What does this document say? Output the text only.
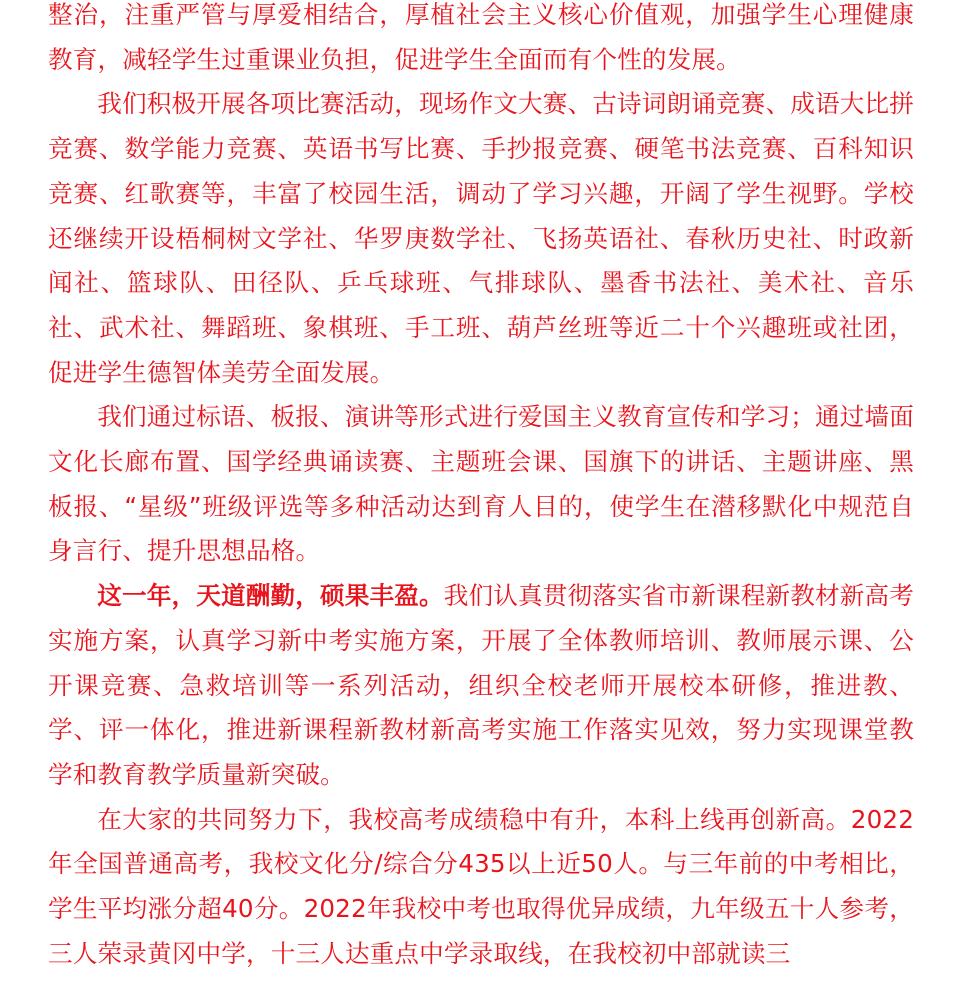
整治，注重严管与厚爱相结合，厚植社会主义核心价值观，加强学生心理健康教育，减轻学生过重课业负担，促进学生全面而有个性的发展。

我们积极开展各项比赛活动，现场作文大赛、古诗词朗诵竞赛、成语大比拼竞赛、数学能力竞赛、英语书写比赛、手抄报竞赛、硬笔书法竞赛、百科知识竞赛、红歌赛等，丰富了校园生活，调动了学习兴趣，开阔了学生视野。学校还继续开设梧桐树文学社、华罗庚数学社、飞扬英语社、春秋历史社、时政新闻社、篮球队、田径队、乒乓球班、气排球队、墨香书法社、美术社、音乐社、武术社、舞蹈班、象棋班、手工班、葫芦丝班等近二十个兴趣班或社团，促进学生德智体美劳全面发展。

我们通过标语、板报、演讲等形式进行爱国主义教育宣传和学习；通过墙面文化长廊布置、国学经典诵读赛、主题班会课、国旗下的讲话、主题讲座、黑板报、“星级”班级评选等多种活动达到育人目的，使学生在潜移默化中规范自身言行、提升思想品格。

这一年，天道酬勤，硕果丰盈。我们认真贯彻落实省市新课程新教材新高考实施方案，认真学习新中考实施方案，开展了全体教师培训、教师展示课、公开课竞赛、急救培训等一系列活动，组织全校老师开展校本研修，推进教、学、评一体化，推进新课程新教材新高考实施工作落实见效，努力实现课堂教学和教育教学质量新突破。

在大家的共同努力下，我校高考成绩稳中有升，本科上线再创新高。2022年全国普通高考，我校文化分/综合分435以上近50人。与三年前的中考相比，学生平均涨分超40分。2022年我校中考也取得优异成绩，九年级五十人参考，三人荣录黄冈中学，十三人达重点中学录取线，在我校初中部就读三
